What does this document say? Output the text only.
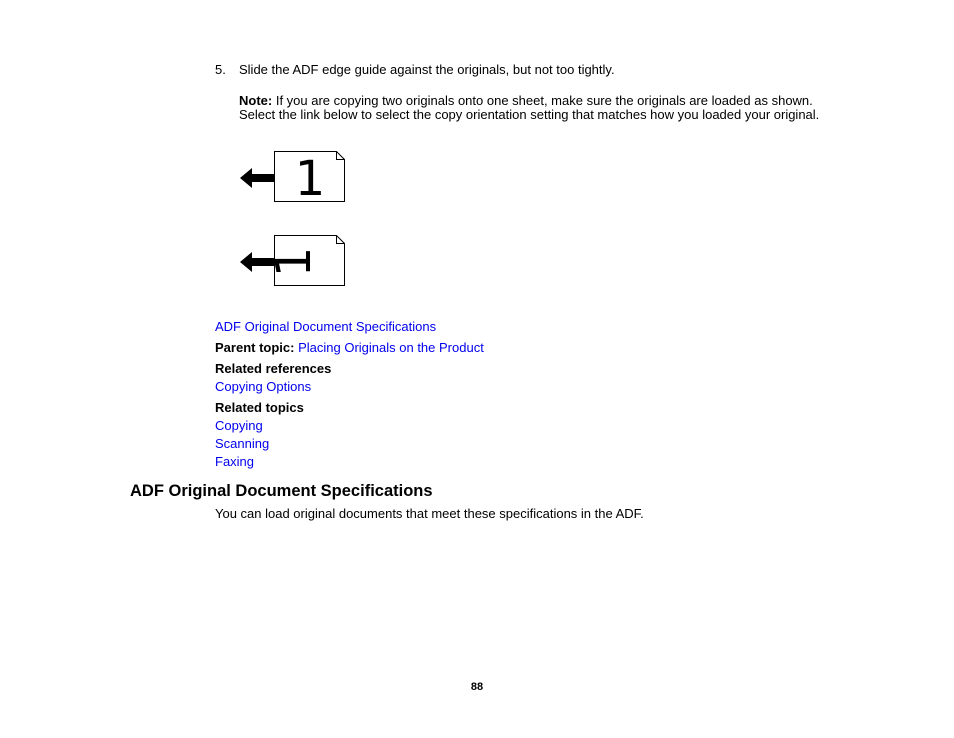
5. Slide the ADF edge guide against the originals, but not too tightly.
Note: If you are copying two originals onto one sheet, make sure the originals are loaded as shown. Select the link below to select the copy orientation setting that matches how you loaded your original.
1
1
ADF Original Document Specifications
Parent topic: Placing Originals on the Product
Related references
Copying Options
Related topics
Copying
Scanning
Faxing
ADF Original Document Specifications
You can load original documents that meet these specifications in the ADF.
88
